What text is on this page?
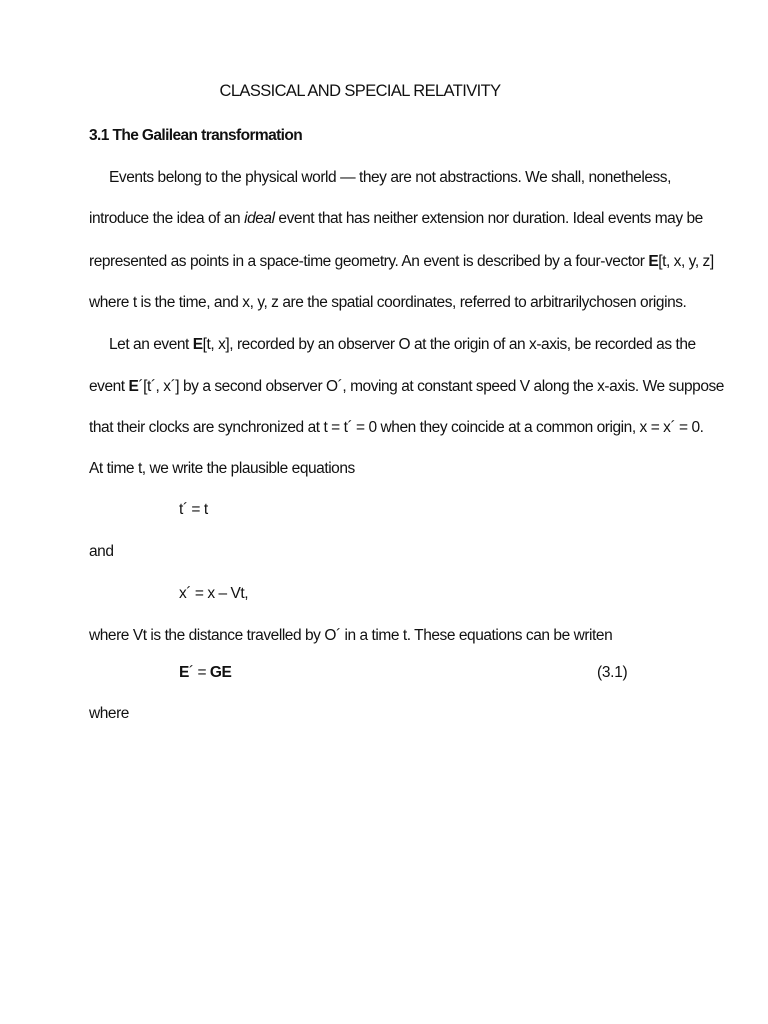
CLASSICAL AND SPECIAL RELATIVITY
3.1 The Galilean transformation
Events belong to the physical world — they are not abstractions. We shall, nonetheless,
introduce the idea of an ideal event that has neither extension nor duration. Ideal events may be
represented as points in a space-time geometry. An event is described by a four-vector E[t, x, y, z]
where t is the time, and x, y, z are the spatial coordinates, referred to arbitrarilychosen origins.
Let an event E[t, x], recorded by an observer O at the origin of an x-axis, be recorded as the
event E´[t´, x´] by a second observer O´, moving at constant speed V along the x-axis. We suppose
that their clocks are synchronized at t = t´ = 0 when they coincide at a common origin, x = x´ = 0.
At time t, we write the plausible equations
t´ = t
and
x´ = x – Vt,
where Vt is the distance travelled by O´ in a time t. These equations can be writen
E´ = GE	(3.1)
where
